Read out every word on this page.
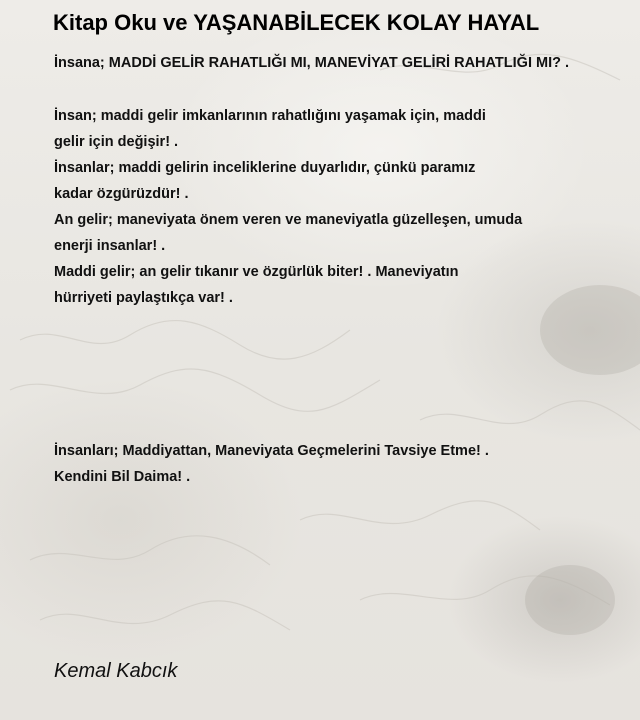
Kitap Oku ve YAŞANABİLECEK KOLAY HAYAL

İnsana; MADDİ GELİR RAHATLIĞI MI, MANEVİYAT GELİRİ RAHATLIĞI MI? .

İnsan; maddi gelir imkanlarının rahatlığını yaşamak için, maddi

gelir için değişir! .

İnsanlar; maddi gelirin inceliklerine duyarlıdır, çünkü paramız

kadar özgürüzdür! .

An gelir; maneviyata önem veren ve maneviyatla güzelleşen, umuda

enerji insanlar! .

Maddi gelir; an gelir tıkanır ve özgürlük biter! . Maneviyatın

hürriyeti paylaştıkça var! .

İnsanları; Maddiyattan, Maneviyata Geçmelerini Tavsiye Etme! .

Kendini Bil Daima! .

Kemal Kabcık
